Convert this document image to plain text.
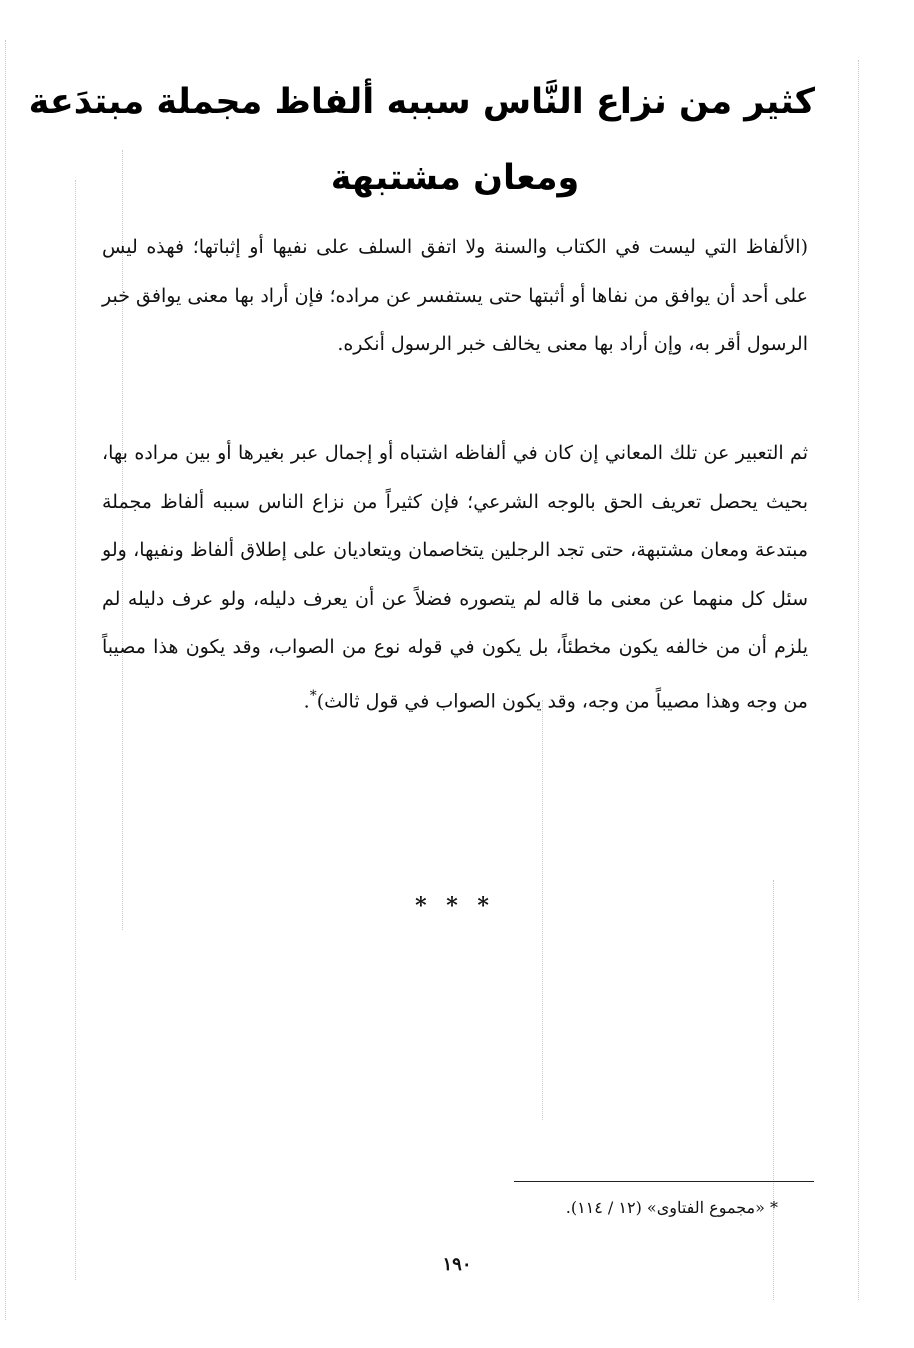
كثير من نزاع النَّاس سببه ألفاظ مجملة مبتدَعة
ومعان مشتبهة

(الألفاظ التي ليست في الكتاب والسنة ولا اتفق السلف على نفيها أو إثباتها؛ فهذه ليس على أحد أن يوافق من نفاها أو أثبتها حتى يستفسر عن مراده؛ فإن أراد بها معنى يوافق خبر الرسول أقر به، وإن أراد بها معنى يخالف خبر الرسول أنكره.

ثم التعبير عن تلك المعاني إن كان في ألفاظه اشتباه أو إجمال عبر بغيرها أو بين مراده بها، بحيث يحصل تعريف الحق بالوجه الشرعي؛ فإن كثيراً من نزاع الناس سببه ألفاظ مجملة مبتدعة ومعان مشتبهة، حتى تجد الرجلين يتخاصمان ويتعاديان على إطلاق ألفاظ ونفيها، ولو سئل كل منهما عن معنى ما قاله لم يتصوره فضلاً عن أن يعرف دليله، ولو عرف دليله لم يلزم أن من خالفه يكون مخطئاً، بل يكون في قوله نوع من الصواب، وقد يكون هذا مصيباً من وجه وهذا مصيباً من وجه، وقد يكون الصواب في قول ثالث)*.

* * *

* «مجموع الفتاوى» (١٢ / ١١٤).

١٩٠
